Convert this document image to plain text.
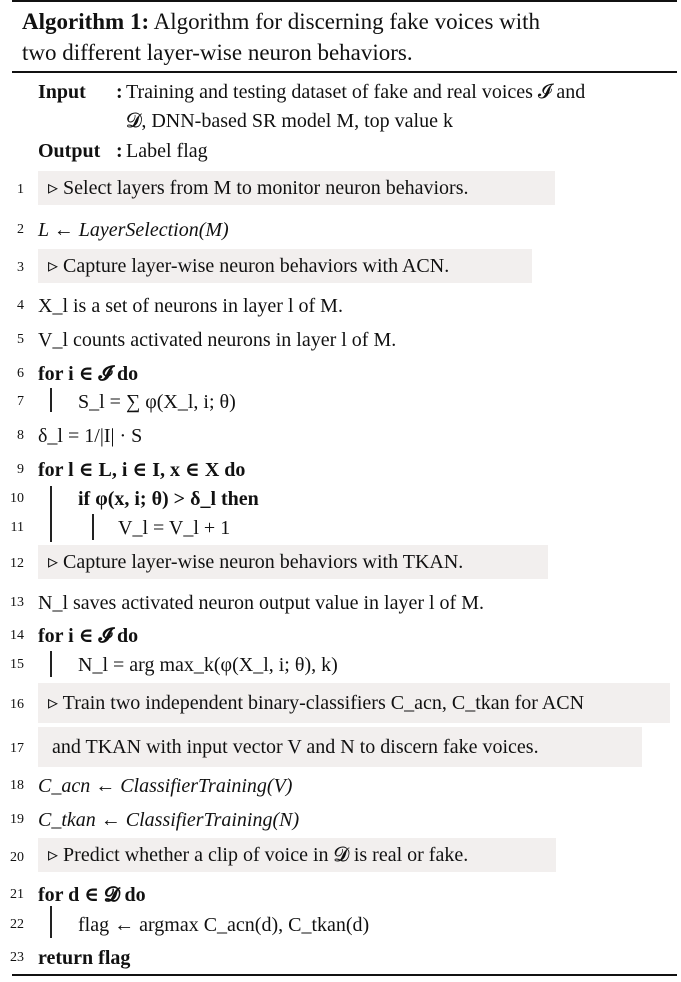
Algorithm 1: Algorithm for discerning fake voices with
two different layer-wise neuron behaviors.
Input : Training and testing dataset of fake and real voices 𝓘 and
𝓓, DNN-based SR model M, top value k
Output : Label flag
1 ▹ Select layers from M to monitor neuron behaviors.
2 L ← LayerSelection(M)
3 ▹ Capture layer-wise neuron behaviors with ACN.
4 X_l is a set of neurons in layer l of M.
5 V_l counts activated neurons in layer l of M.
6 for i ∈ 𝓘 do
7	S_l = ∑ φ(X_l, i; θ)
8 δ_l = 1/|I| · S
9 for l ∈ L, i ∈ I, x ∈ X do
10	if φ(x, i; θ) > δ_l then
11	V_l = V_l + 1
12 ▹ Capture layer-wise neuron behaviors with TKAN.
13 N_l saves activated neuron output value in layer l of M.
14 for i ∈ 𝓘 do
15	N_l = arg max_k(φ(X_l, i; θ), k)
16 ▹ Train two independent binary-classifiers C_acn, C_tkan for ACN
17 and TKAN with input vector V and N to discern fake voices.
18 C_acn ← ClassifierTraining(V)
19 C_tkan ← ClassifierTraining(N)
20 ▹ Predict whether a clip of voice in 𝓓 is real or fake.
21 for d ∈ 𝓓 do
22	flag ← argmax C_acn(d), C_tkan(d)
23 return flag
